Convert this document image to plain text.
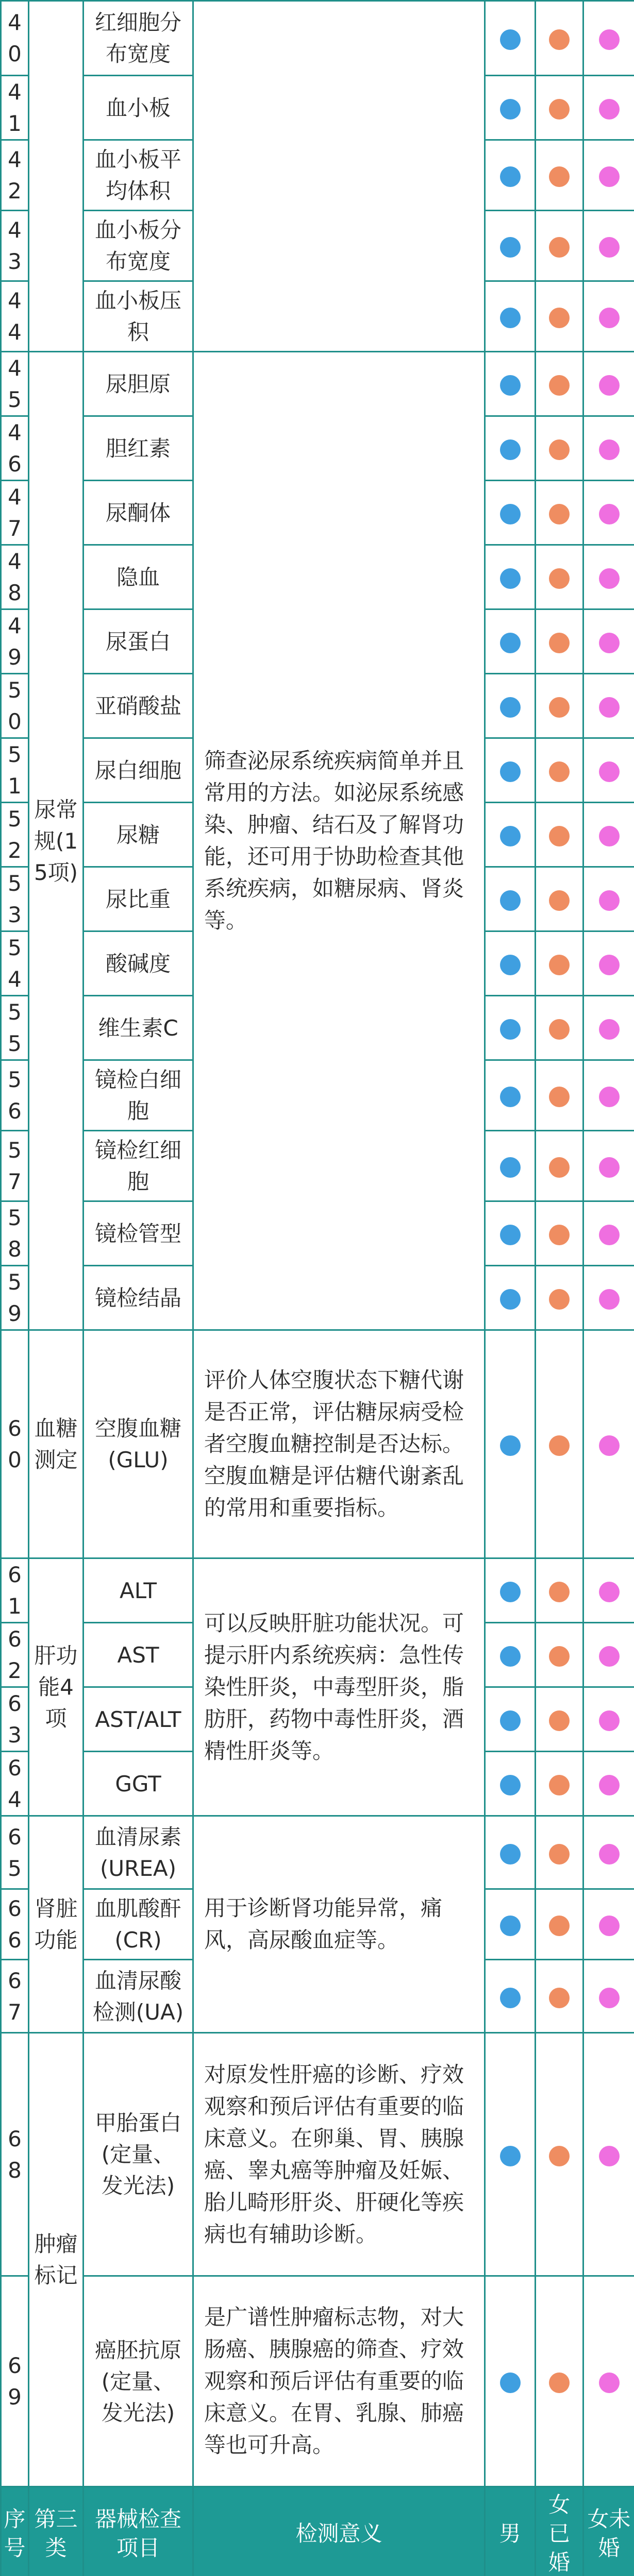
40		红细胞分布宽度				
41		血小板				
42		血小板平均体积				
43		血小板分布宽度				
44		血小板压积				
45	尿常规(15项)	尿胆原	筛查泌尿系统疾病简单并且常用的方法。如泌尿系统感染、肿瘤、结石及了解肾功能，还可用于协助检查其他系统疾病，如糖尿病、肾炎等。			
46		胆红素				
47		尿酮体				
48		隐血				
49		尿蛋白				
50		亚硝酸盐				
51		尿白细胞				
52		尿糖				
53		尿比重				
54		酸碱度				
55		维生素C				
56		镜检白细胞				
57		镜检红细胞				
58		镜检管型				
59		镜检结晶				
60	血糖测定	空腹血糖(GLU)	评价人体空腹状态下糖代谢是否正常，评估糖尿病受检者空腹血糖控制是否达标。空腹血糖是评估糖代谢紊乱的常用和重要指标。			
61	肝功能4项	ALT	可以反映肝脏功能状况。可提示肝内系统疾病：急性传染性肝炎，中毒型肝炎，脂肪肝，药物中毒性肝炎，酒精性肝炎等。			
62		AST				
63		AST/ALT				
64		GGT				
65	肾脏功能	血清尿素(UREA)	用于诊断肾功能异常，痛风，高尿酸血症等。			
66		血肌酸酐(CR)				
67		血清尿酸检测(UA)				
68	肿瘤标记	甲胎蛋白(定量、发光法)	对原发性肝癌的诊断、疗效观察和预后评估有重要的临床意义。在卵巢、胃、胰腺癌、睾丸癌等肿瘤及妊娠、胎儿畸形肝炎、肝硬化等疾病也有辅助诊断。			
69		癌胚抗原(定量、发光法)	是广谱性肿瘤标志物，对大肠癌、胰腺癌的筛查、疗效观察和预后评估有重要的临床意义。在胃、乳腺、肺癌等也可升高。			
序号	第三类	器械检查项目	检测意义	男	女已婚	女未婚
